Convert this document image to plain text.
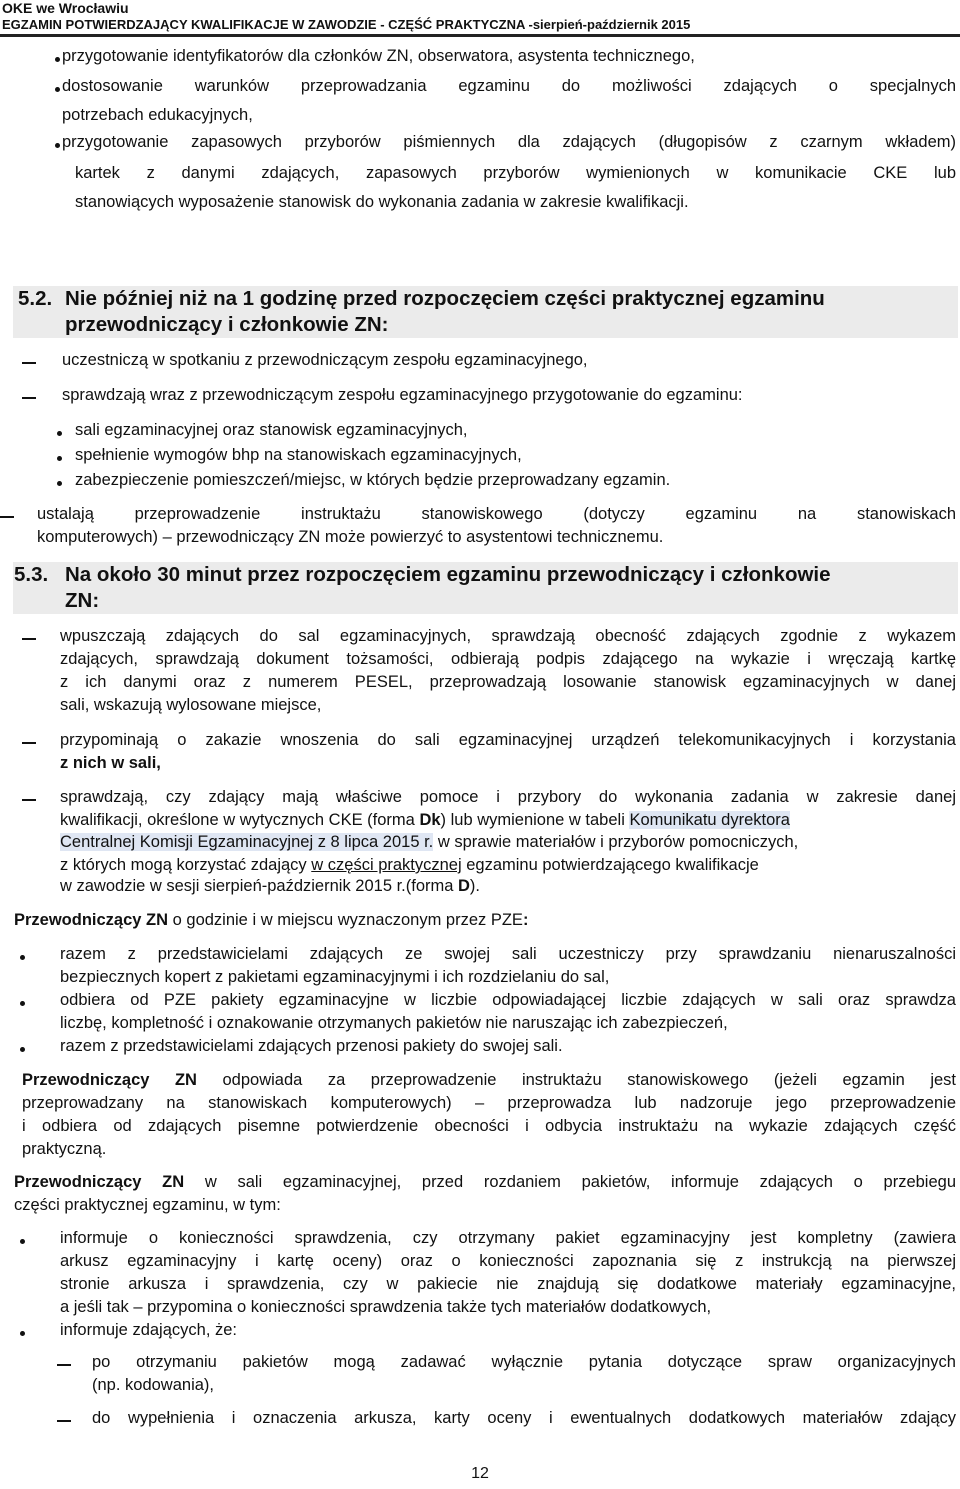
OKE we Wrocławiu
EGZAMIN POTWIERDZAJĄCY KWALIFIKACJE W ZAWODZIE - CZĘŚĆ PRAKTYCZNA -sierpień-październik 2015
przygotowanie identyfikatorów dla członków ZN, obserwatora, asystenta technicznego,
dostosowanie warunków przeprowadzania egzaminu do możliwości zdających o specjalnych
potrzebach edukacyjnych,
przygotowanie zapasowych przyborów piśmiennych dla zdających (długopisów z czarnym wkładem)
kartek z danymi zdających, zapasowych przyborów wymienionych w komunikacie CKE lub
stanowiących wyposażenie stanowisk do wykonania zadania w zakresie kwalifikacji.
5.2. Nie później niż na 1 godzinę przed rozpoczęciem części praktycznej egzaminu
przewodniczący i członkowie ZN:
uczestniczą w spotkaniu z przewodniczącym zespołu egzaminacyjnego,
sprawdzają wraz z przewodniczącym zespołu egzaminacyjnego przygotowanie do egzaminu:
sali egzaminacyjnej oraz stanowisk egzaminacyjnych,
spełnienie wymogów bhp na stanowiskach egzaminacyjnych,
zabezpieczenie pomieszczeń/miejsc, w których będzie przeprowadzany egzamin.
ustalają przeprowadzenie instruktażu stanowiskowego (dotyczy egzaminu na stanowiskach
komputerowych) – przewodniczący ZN może powierzyć to asystentowi technicznemu.
5.3. Na około 30 minut przez rozpoczęciem egzaminu przewodniczący i członkowie
ZN:
wpuszczają zdających do sal egzaminacyjnych, sprawdzają obecność zdających zgodnie z wykazem
zdających, sprawdzają dokument tożsamości, odbierają podpis zdającego na wykazie i wręczają kartkę
z ich danymi oraz z numerem PESEL, przeprowadzają losowanie stanowisk egzaminacyjnych w danej
sali, wskazują wylosowane miejsce,
przypominają o zakazie wnoszenia do sali egzaminacyjnej urządzeń telekomunikacyjnych i korzystania
z nich w sali,
sprawdzają, czy zdający mają właściwe pomoce i przybory do wykonania zadania w zakresie danej
kwalifikacji, określone w wytycznych CKE (forma Dk) lub wymienione w tabeli Komunikatu dyrektora
Centralnej Komisji Egzaminacyjnej z 8 lipca 2015 r. w sprawie materiałów i przyborów pomocniczych,
z których mogą korzystać zdający w części praktycznej egzaminu potwierdzającego kwalifikacje
w zawodzie w sesji sierpień-październik 2015 r.(forma D).
Przewodniczący ZN o godzinie i w miejscu wyznaczonym przez PZE:
razem z przedstawicielami zdających ze swojej sali uczestniczy przy sprawdzaniu nienaruszalności
bezpiecznych kopert z pakietami egzaminacyjnymi i ich rozdzielaniu do sal,
odbiera od PZE pakiety egzaminacyjne w liczbie odpowiadającej liczbie zdających w sali oraz sprawdza
liczbę, kompletność i oznakowanie otrzymanych pakietów nie naruszając ich zabezpieczeń,
razem z przedstawicielami zdających przenosi pakiety do swojej sali.
Przewodniczący ZN odpowiada za przeprowadzenie instruktażu stanowiskowego (jeżeli egzamin jest
przeprowadzany na stanowiskach komputerowych) – przeprowadza lub nadzoruje jego przeprowadzenie
i odbiera od zdających pisemne potwierdzenie obecności i odbycia instruktażu na wykazie zdających część
praktyczną.
Przewodniczący ZN w sali egzaminacyjnej, przed rozdaniem pakietów, informuje zdających o przebiegu
części praktycznej egzaminu, w tym:
informuje o konieczności sprawdzenia, czy otrzymany pakiet egzaminacyjny jest kompletny (zawiera
arkusz egzaminacyjny i kartę oceny) oraz o konieczności zapoznania się z instrukcją na pierwszej
stronie arkusza i sprawdzenia, czy w pakiecie nie znajdują się dodatkowe materiały egzaminacyjne,
a jeśli tak – przypomina o konieczności sprawdzenia także tych materiałów dodatkowych,
informuje zdających, że:
po otrzymaniu pakietów mogą zadawać wyłącznie pytania dotyczące spraw organizacyjnych
(np. kodowania),
do wypełnienia i oznaczenia arkusza, karty oceny i ewentualnych dodatkowych materiałów zdający
12
